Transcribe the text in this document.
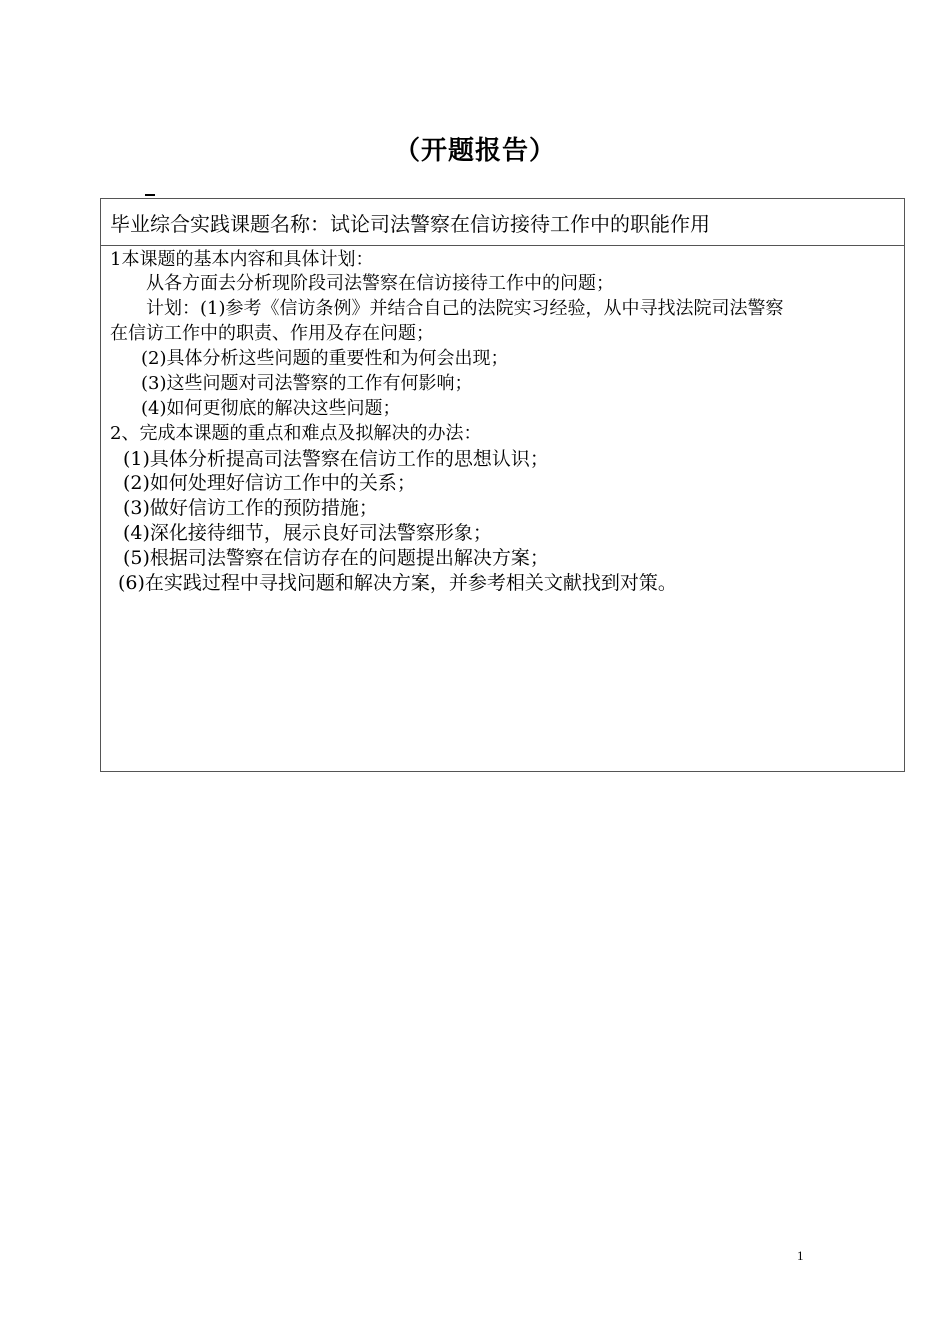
（开题报告）
毕业综合实践课题名称：试论司法警察在信访接待工作中的职能作用
1本课题的基本内容和具体计划：
从各方面去分析现阶段司法警察在信访接待工作中的问题；
计划：(1)参考《信访条例》并结合自己的法院实习经验，从中寻找法院司法警察
在信访工作中的职责、作用及存在问题；
(2)具体分析这些问题的重要性和为何会出现；
(3)这些问题对司法警察的工作有何影响；
(4)如何更彻底的解决这些问题；
2、完成本课题的重点和难点及拟解决的办法：
(1)具体分析提高司法警察在信访工作的思想认识；
(2)如何处理好信访工作中的关系；
(3)做好信访工作的预防措施；
(4)深化接待细节，展示良好司法警察形象；
(5)根据司法警察在信访存在的问题提出解决方案；
(6)在实践过程中寻找问题和解决方案，并参考相关文献找到对策。
1
